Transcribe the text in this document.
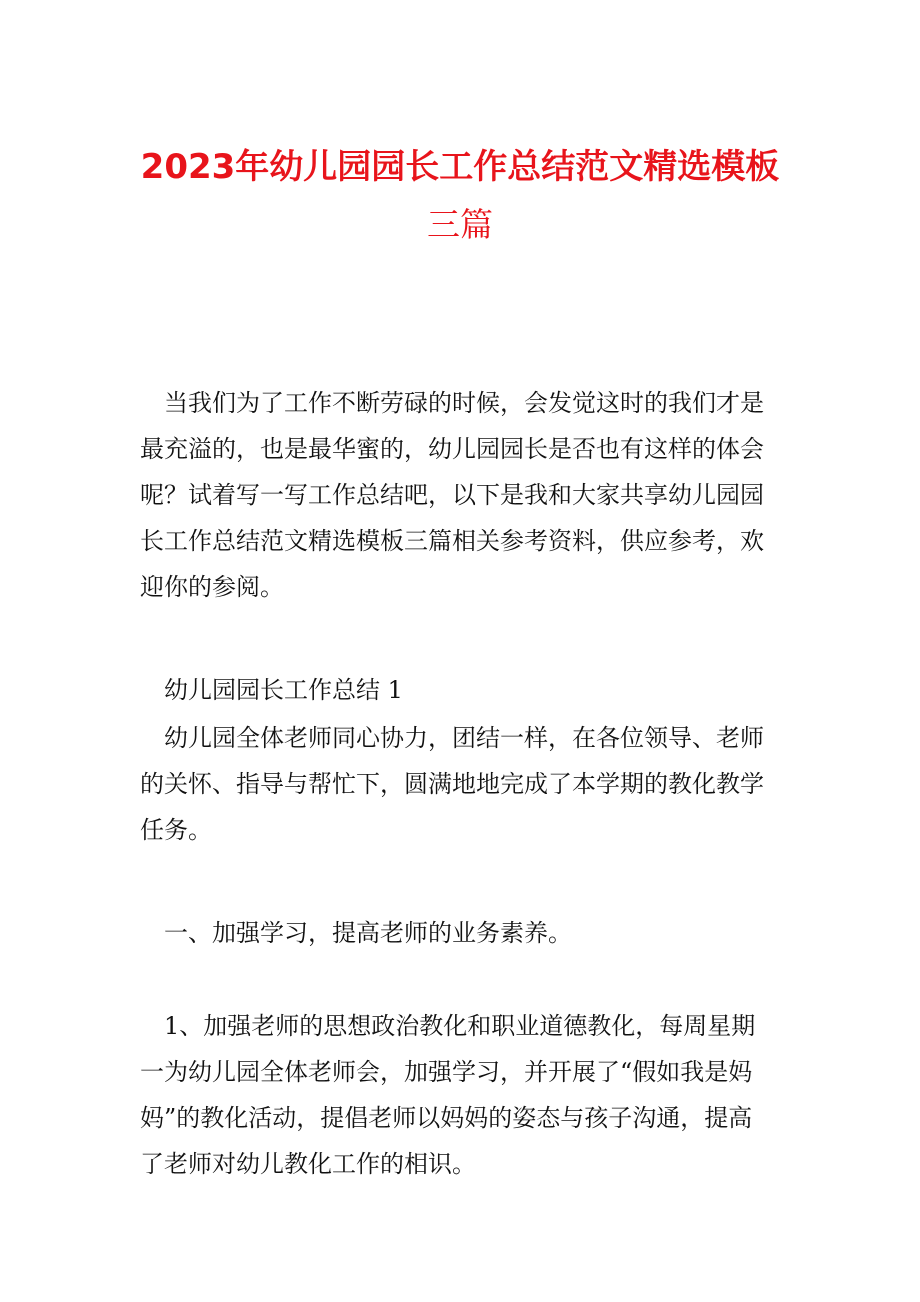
2023年幼儿园园长工作总结范文精选模板
三篇

当我们为了工作不断劳碌的时候，会发觉这时的我们才是
最充溢的，也是最华蜜的，幼儿园园长是否也有这样的体会
呢？试着写一写工作总结吧，以下是我和大家共享幼儿园园
长工作总结范文精选模板三篇相关参考资料，供应参考，欢
迎你的参阅。

幼儿园园长工作总结 1

幼儿园全体老师同心协力，团结一样，在各位领导、老师
的关怀、指导与帮忙下，圆满地地完成了本学期的教化教学
任务。

一、加强学习，提高老师的业务素养。

1、加强老师的思想政治教化和职业道德教化，每周星期
一为幼儿园全体老师会，加强学习，并开展了“假如我是妈
妈”的教化活动，提倡老师以妈妈的姿态与孩子沟通，提高
了老师对幼儿教化工作的相识。
